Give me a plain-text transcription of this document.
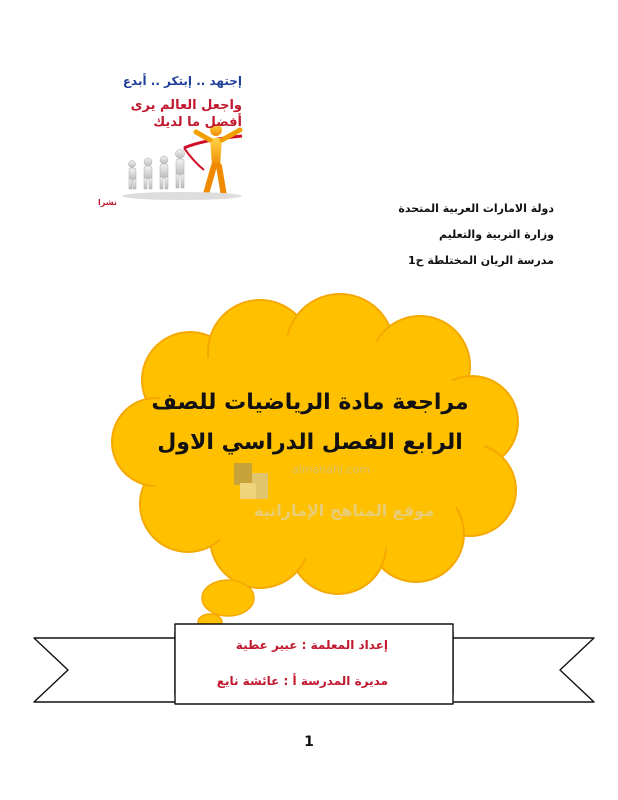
إجتهد .. إبتكر .. أبدع
واجعل العالم يرى
أفضل ما لديك
نشرا	دولة الامارات العربية المتحدة
وزارة التربية والتعليم
مدرسة الريان المختلطة ح1
مراجعة مادة الرياضيات للصف
الرابع الفصل الدراسي الاول
almanahj.com
موقع المناهج الإماراتية
إعداد المعلمة : عبير عطية
مديرة المدرسة أ : عائشة نايع
1
